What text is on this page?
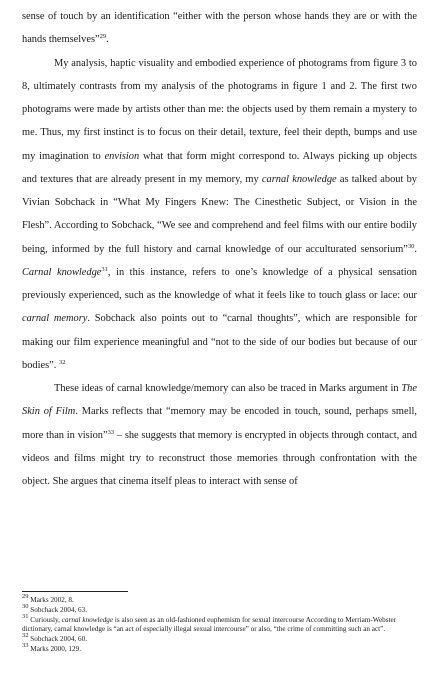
sense of touch by an identification “either with the person whose hands they are or with the hands themselves”$^{29}$.

My analysis, haptic visuality and embodied experience of photograms from figure 3 to 8, ultimately contrasts from my analysis of the photograms in figure 1 and 2. The first two photograms were made by artists other than me: the objects used by them remain a mystery to me. Thus, my first instinct is to focus on their detail, texture, feel their depth, bumps and use my imagination to envision what that form might correspond to. Always picking up objects and textures that are already present in my memory, my carnal knowledge as talked about by Vivian Sobchack in “What My Fingers Knew: The Cinesthetic Subject, or Vision in the Flesh”. According to Sobchack, “We see and comprehend and feel films with our entire bodily being, informed by the full history and carnal knowledge of our acculturated sensorium”$^{30}$. Carnal knowledge$^{31}$, in this instance, refers to one’s knowledge of a physical sensation previously experienced, such as the knowledge of what it feels like to touch glass or lace: our carnal memory. Sobchack also points out to “carnal thoughts”, which are responsible for making our film experience meaningful and “not to the side of our bodies but because of our bodies”. $^{32}$

These ideas of carnal knowledge/memory can also be traced in Marks argument in The Skin of Film. Marks reflects that “memory may be encoded in touch, sound, perhaps smell, more than in vision”$^{33}$ – she suggests that memory is encrypted in objects through contact, and videos and films might try to reconstruct those memories through confrontation with the object. She argues that cinema itself pleas to interact with sense of

$^{29}$ Marks 2002, 8.

$^{30}$ Sobchack 2004, 63.

$^{31}$ Curiously, carnal knowledge is also seen as an old-fashioned euphemism for sexual intercourse According to Merriam-Webster dictionary, carnal knowledge is “an act of especially illegal sexual intercourse” or also, “the crime of committing such an act”.

$^{32}$ Sobchack 2004, 60.

$^{33}$ Marks 2000, 129.
